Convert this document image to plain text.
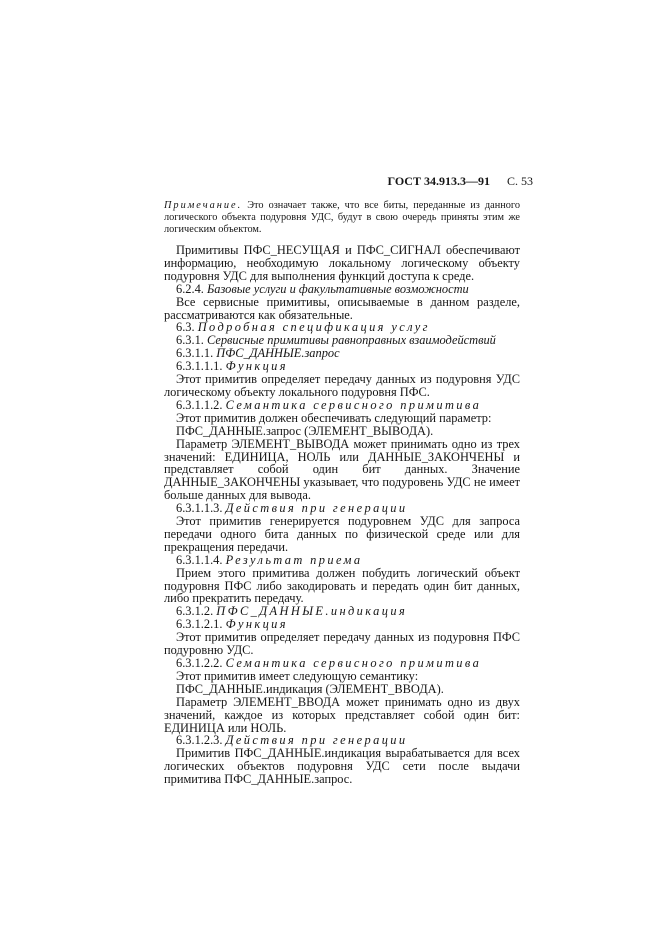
ГОСТ 34.913.3—91 С. 53
Примечание. Это означает также, что все биты, переданные из данного логического объекта подуровня УДС, будут в свою очередь приняты этим же логическим объектом.

Примитивы ПФС_НЕСУЩАЯ и ПФС_СИГНАЛ обеспечивают информацию, необходимую локальному логическому объекту подуровня УДС для выполнения функций доступа к среде.

6.2.4. Базовые услуги и факультативные возможности

Все сервисные примитивы, описываемые в данном разделе, рассматриваются как обязательные.

6.3. Подробная спецификация услуг

6.3.1. Сервисные примитивы равноправных взаимодействий

6.3.1.1. ПФС_ДАННЫЕ.запрос

6.3.1.1.1. Функция

Этот примитив определяет передачу данных из подуровня УДС логическому объекту локального подуровня ПФС.

6.3.1.1.2. Семантика сервисного примитива

Этот примитив должен обеспечивать следующий параметр:

ПФС_ДАННЫЕ.запрос (ЭЛЕМЕНТ_ВЫВОДА).

Параметр ЭЛЕМЕНТ_ВЫВОДА может принимать одно из трех значений: ЕДИНИЦА, НОЛЬ или ДАННЫЕ_ЗАКОНЧЕНЫ и представляет собой один бит данных. Значение ДАННЫЕ_ЗАКОНЧЕНЫ указывает, что подуровень УДС не имеет больше данных для вывода.

6.3.1.1.3. Действия при генерации

Этот примитив генерируется подуровнем УДС для запроса передачи одного бита данных по физической среде или для прекращения передачи.

6.3.1.1.4. Результат приема

Прием этого примитива должен побудить логический объект подуровня ПФС либо закодировать и передать один бит данных, либо прекратить передачу.

6.3.1.2. ПФС_ДАННЫЕ.индикация

6.3.1.2.1. Функция

Этот примитив определяет передачу данных из подуровня ПФС подуровню УДС.

6.3.1.2.2. Семантика сервисного примитива

Этот примитив имеет следующую семантику:

ПФС_ДАННЫЕ.индикация (ЭЛЕМЕНТ_ВВОДА).

Параметр ЭЛЕМЕНТ_ВВОДА может принимать одно из двух значений, каждое из которых представляет собой один бит: ЕДИНИЦА или НОЛЬ.

6.3.1.2.3. Действия при генерации

Примитив ПФС_ДАННЫЕ.индикация вырабатывается для всех логических объектов подуровня УДС сети после выдачи примитива ПФС_ДАННЫЕ.запрос.
